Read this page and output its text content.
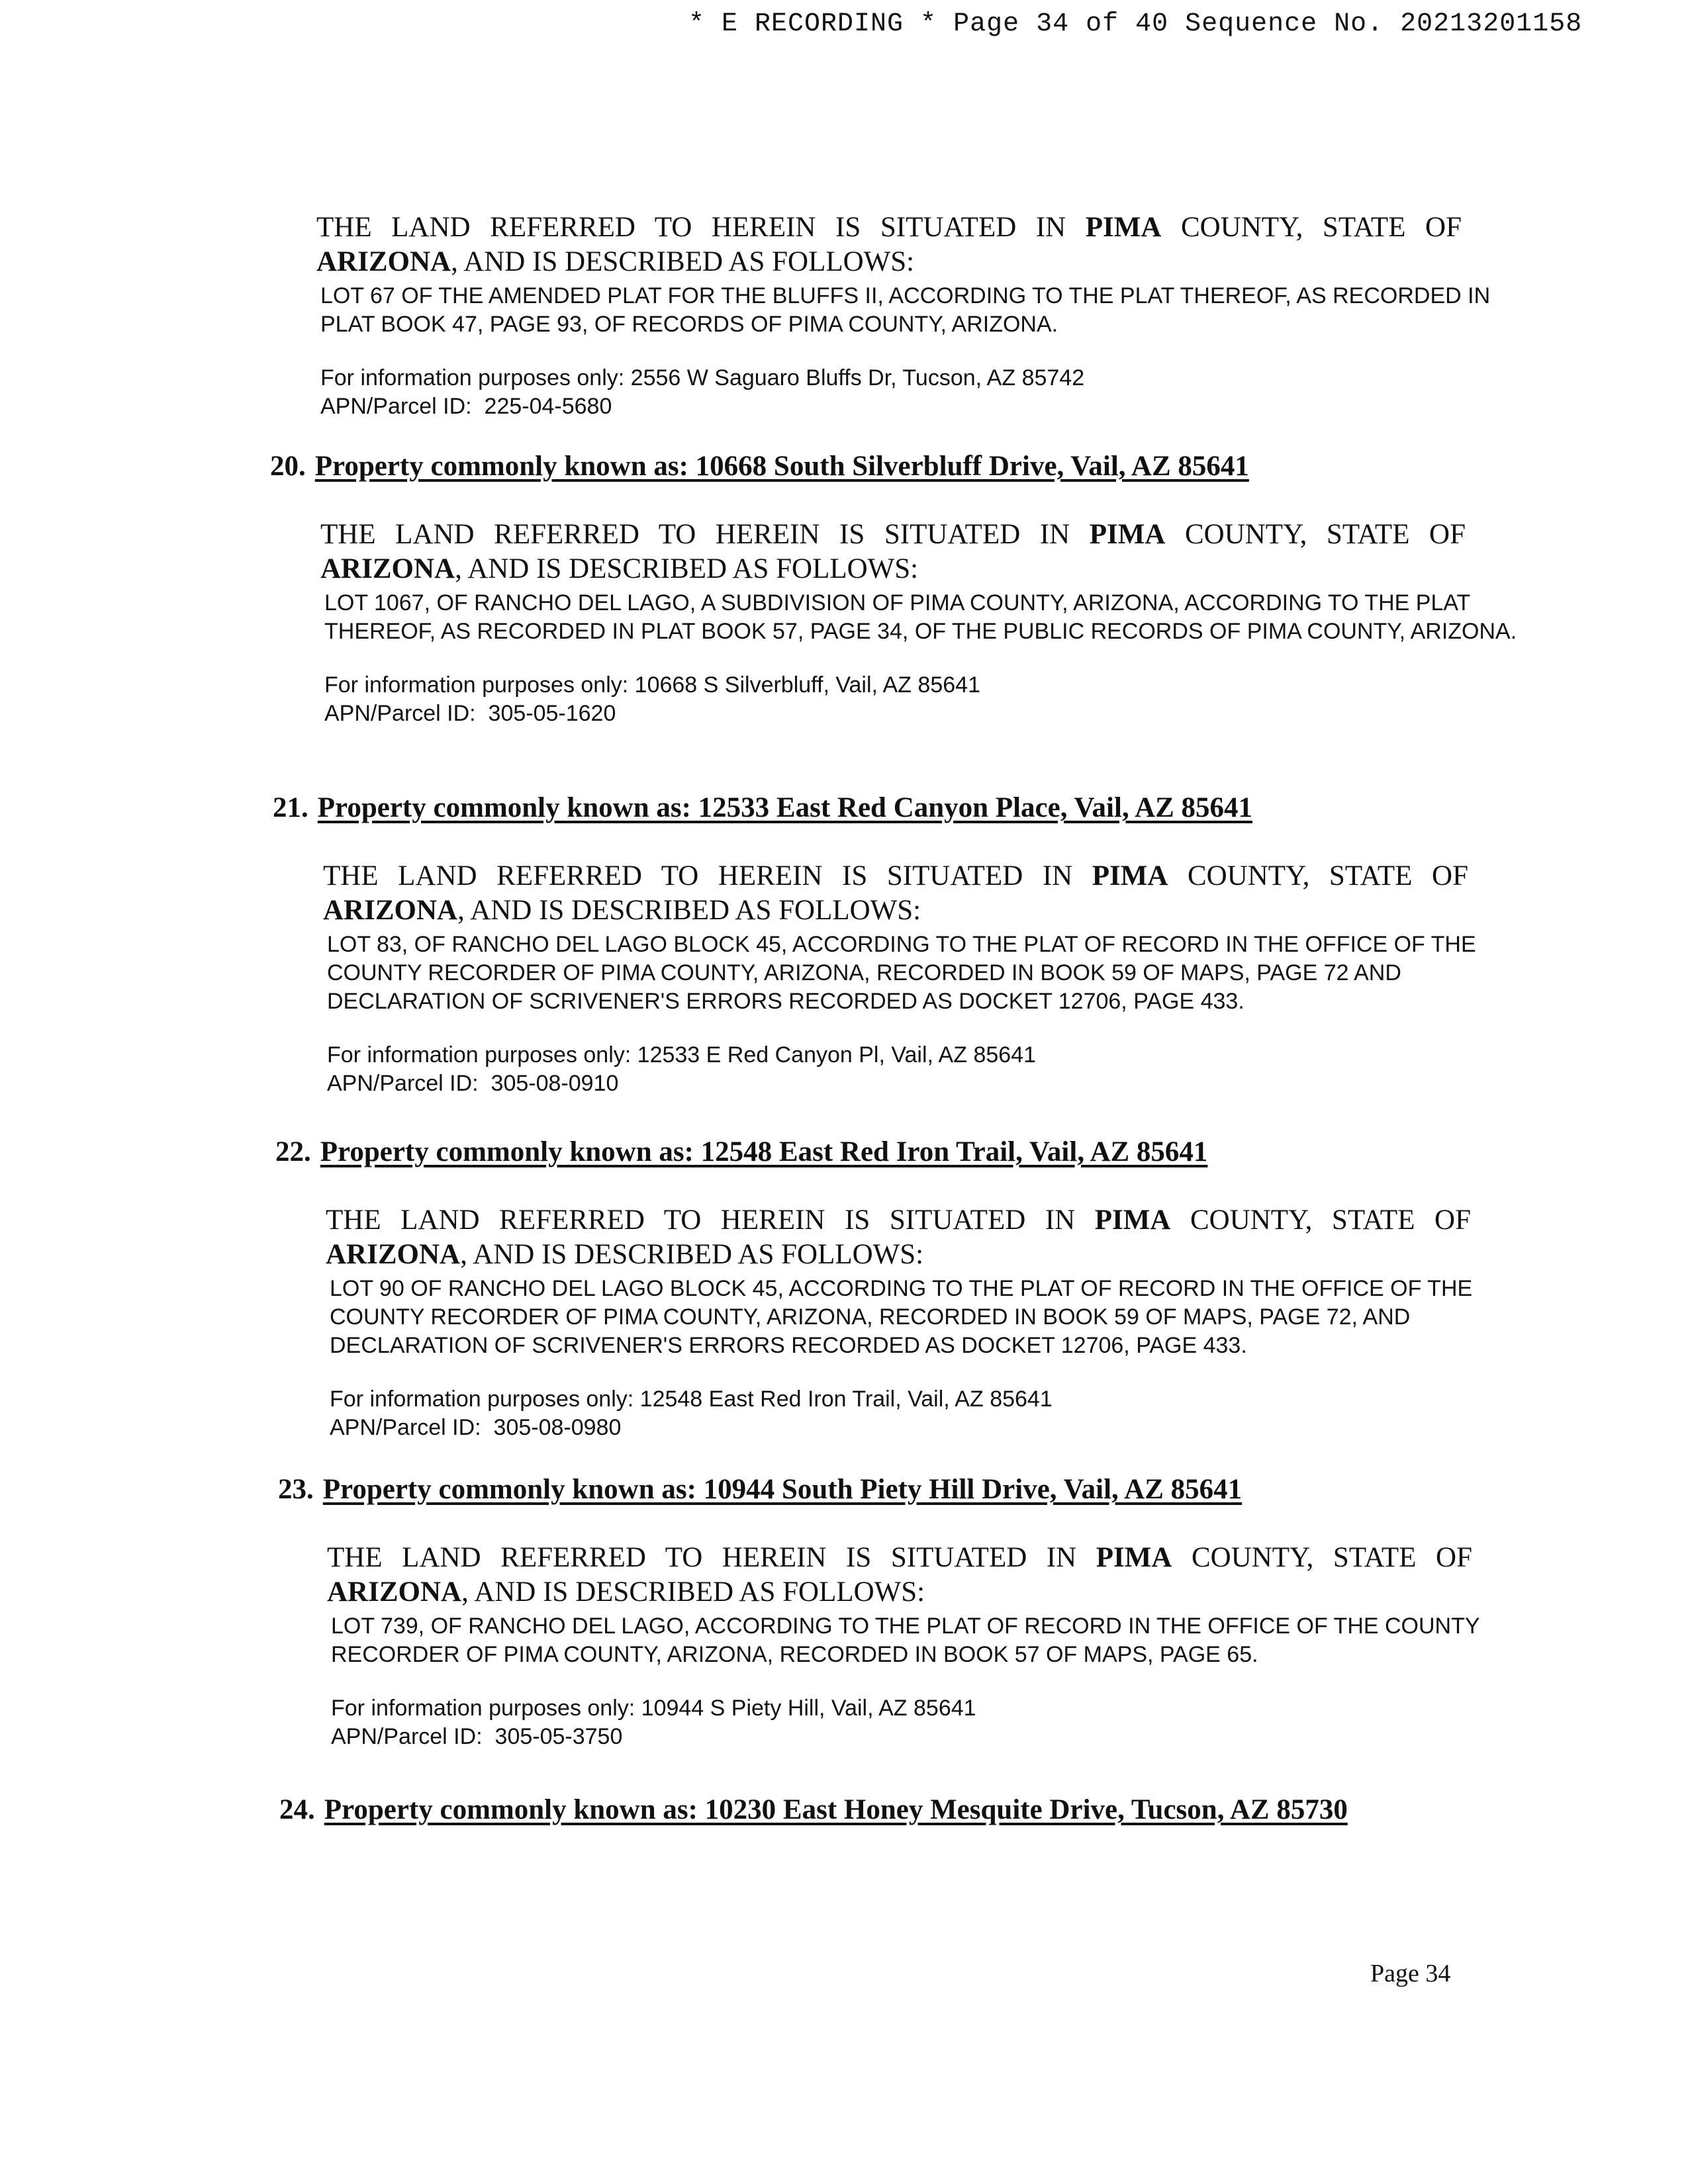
* E RECORDING * Page 34 of 40 Sequence No. 20213201158

THE LAND REFERRED TO HEREIN IS SITUATED IN PIMA COUNTY, STATE OF
ARIZONA, AND IS DESCRIBED AS FOLLOWS:

LOT 67 OF THE AMENDED PLAT FOR THE BLUFFS II, ACCORDING TO THE PLAT THEREOF, AS RECORDED IN PLAT BOOK 47, PAGE 93, OF RECORDS OF PIMA COUNTY, ARIZONA.
For information purposes only: 2556 W Saguaro Bluffs Dr, Tucson, AZ 85742
APN/Parcel ID: 225-04-5680

20. Property commonly known as: 10668 South Silverbluff Drive, Vail, AZ 85641

THE LAND REFERRED TO HEREIN IS SITUATED IN PIMA COUNTY, STATE OF
ARIZONA, AND IS DESCRIBED AS FOLLOWS:

LOT 1067, OF RANCHO DEL LAGO, A SUBDIVISION OF PIMA COUNTY, ARIZONA, ACCORDING TO THE PLAT THEREOF, AS RECORDED IN PLAT BOOK 57, PAGE 34, OF THE PUBLIC RECORDS OF PIMA COUNTY, ARIZONA.
For information purposes only: 10668 S Silverbluff, Vail, AZ 85641
APN/Parcel ID: 305-05-1620

21. Property commonly known as: 12533 East Red Canyon Place, Vail, AZ 85641

THE LAND REFERRED TO HEREIN IS SITUATED IN PIMA COUNTY, STATE OF
ARIZONA, AND IS DESCRIBED AS FOLLOWS:

LOT 83, OF RANCHO DEL LAGO BLOCK 45, ACCORDING TO THE PLAT OF RECORD IN THE OFFICE OF THE COUNTY RECORDER OF PIMA COUNTY, ARIZONA, RECORDED IN BOOK 59 OF MAPS, PAGE 72 AND DECLARATION OF SCRIVENER'S ERRORS RECORDED AS DOCKET 12706, PAGE 433.
For information purposes only: 12533 E Red Canyon Pl, Vail, AZ 85641
APN/Parcel ID: 305-08-0910

22. Property commonly known as: 12548 East Red Iron Trail, Vail, AZ 85641

THE LAND REFERRED TO HEREIN IS SITUATED IN PIMA COUNTY, STATE OF
ARIZONA, AND IS DESCRIBED AS FOLLOWS:

LOT 90 OF RANCHO DEL LAGO BLOCK 45, ACCORDING TO THE PLAT OF RECORD IN THE OFFICE OF THE COUNTY RECORDER OF PIMA COUNTY, ARIZONA, RECORDED IN BOOK 59 OF MAPS, PAGE 72, AND DECLARATION OF SCRIVENER'S ERRORS RECORDED AS DOCKET 12706, PAGE 433.
For information purposes only: 12548 East Red Iron Trail, Vail, AZ 85641
APN/Parcel ID: 305-08-0980

23. Property commonly known as: 10944 South Piety Hill Drive, Vail, AZ 85641

THE LAND REFERRED TO HEREIN IS SITUATED IN PIMA COUNTY, STATE OF
ARIZONA, AND IS DESCRIBED AS FOLLOWS:

LOT 739, OF RANCHO DEL LAGO, ACCORDING TO THE PLAT OF RECORD IN THE OFFICE OF THE COUNTY RECORDER OF PIMA COUNTY, ARIZONA, RECORDED IN BOOK 57 OF MAPS, PAGE 65.
For information purposes only: 10944 S Piety Hill, Vail, AZ 85641
APN/Parcel ID: 305-05-3750

24. Property commonly known as: 10230 East Honey Mesquite Drive, Tucson, AZ 85730

Page 34
